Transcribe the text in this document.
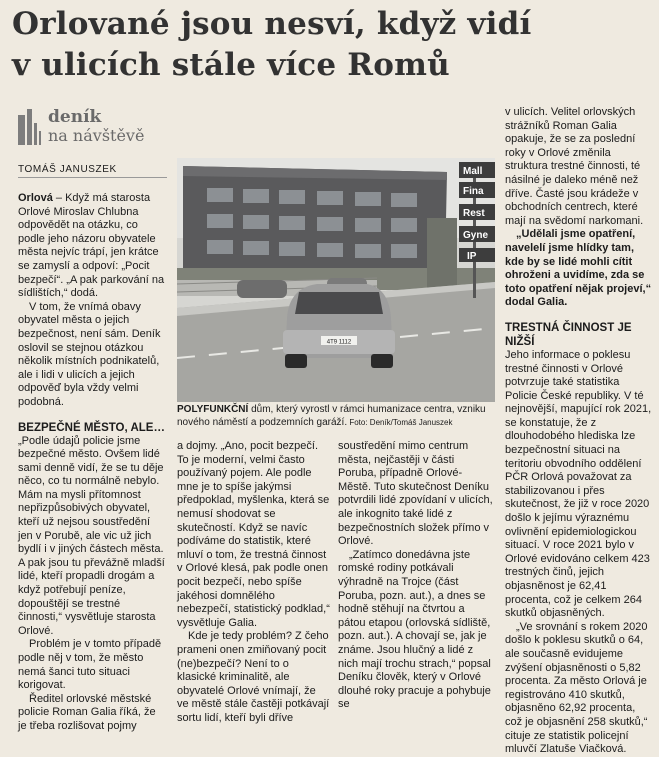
Orlované jsou nesví, když vidí
v ulicích stále více Romů
deník
na návštěvě
TOMÁŠ JANUSZEK

Orlová – Když má starosta Orlové Miroslav Chlubna odpovědět na otázku, co podle jeho názoru obyvatele města nejvíc trápí, jen krátce se zamyslí a odpoví: „Pocit bezpečí“. „A pak parkování na sídlištích,“ dodá.

V tom, že vnímá obavy obyvatel města o jejich bezpečnost, není sám. Deník oslovil se stejnou otázkou několik místních podnikatelů, ale i lidi v ulicích a jejich odpověď byla vždy velmi podobná.

BEZPEČNÉ MĚSTO, ALE…

„Podle údajů policie jsme bezpečné město. Ovšem lidé sami denně vidí, že se tu děje něco, co tu normálně nebylo. Mám na mysli přítomnost nepřizpůsobivých obyvatel, kteří už nejsou soustředění jen v Porubě, ale vic už jich bydlí i v jiných částech města. A pak jsou tu převážně mladší lidé, kteří propadli drogám a když potřebují peníze, dopouštějí se trestné činnosti,“ vysvětluje starosta Orlové.

Problém je v tomto případě podle něj v tom, že město nemá šanci tuto situaci korigovat.

Ředitel orlovské městské policie Roman Galia říká, že je třeba rozlišovat pojmy

4T9 1112
Mall
Fina
Rest
Gyne
IP
POLYFUNKČNÍ dům, který vyrostl v rámci humanizace centra, vzniku nového náměstí a podzemních garáží. Foto: Deník/Tomáš Januszek

a dojmy. „Ano, pocit bezpečí. To je moderní, velmi často používaný pojem. Ale podle mne je to spíše jakýmsi předpoklad, myšlenka, která se nemusí shodovat se skutečností. Když se navíc podíváme do statistik, které mluví o tom, že trestná činnost v Orlové klesá, pak podle onen pocit bezpečí, nebo spíše jakéhosi domnělého nebezpečí, statistický podklad,“ vysvětluje Galia.

Kde je tedy problém? Z čeho prameni onen zmiňovaný pocit (ne)bezpečí? Není to o klasické kriminalitě, ale obyvatelé Orlové vnímají, že ve městě stále častěji potkávají sortu lidí, kteří byli dříve

soustředění mimo centrum města, nejčastěji v části Poruba, případně Orlové-Městě. Tuto skutečnost Deníku potvrdili lidé zpovídaní v ulicích, ale inkognito také lidé z bezpečnostních složek přímo v Orlové.

„Zatímco donedávna jste romské rodiny potkávali výhradně na Trojce (část Poruba, pozn. aut.), a dnes se hodně stěhují na čtvrtou a pátou etapou (orlovská sídliště, pozn. aut.). A chovají se, jak je známe. Jsou hlučný a lidé z nich mají trochu strach,“ popsal Deníku člověk, který v Orlové dlouhé roky pracuje a pohybuje se

v ulicích. Velitel orlovských strážníků Roman Galia opakuje, že se za poslední roky v Orlové změnila struktura trestné činnosti, té násilné je daleko méně než dříve. Časté jsou krádeže v obchodních centrech, které mají na svědomí narkomani.

„Udělali jsme opatření, navelelí jsme hlídky tam, kde by se lidé mohli cítit ohroženi a uvidíme, zda se toto opatření nějak projeví,“ dodal Galia.

TRESTNÁ ČINNOST JE NIŽŠÍ

Jeho informace o poklesu trestné činnosti v Orlové potvrzuje také statistika Policie České republiky. V té nejnovější, mapující rok 2021, se konstatuje, že z dlouhodobého hlediska lze bezpečnostní situaci na teritoriu obvodního oddělení PČR Orlová považovat za stabilizovanou i přes skutečnost, že již v roce 2020 došlo k jejímu výraznému ovlivnění epidemiologickou situací. V roce 2021 bylo v Orlové evidováno celkem 423 trestných činů, jejich objasněnost je 62,41 procenta, což je celkem 264 skutků objasněných.

„Ve srovnání s rokem 2020 došlo k poklesu skutků o 64, ale současně evidujeme zvýšení objasněnosti o 5,82 procenta. Za město Orlová je registrováno 410 skutků, objasněno 62,92 procenta, což je objasnění 258 skutků,“ cituje ze statistik policejní mluvčí Zlatuše Viačková.
